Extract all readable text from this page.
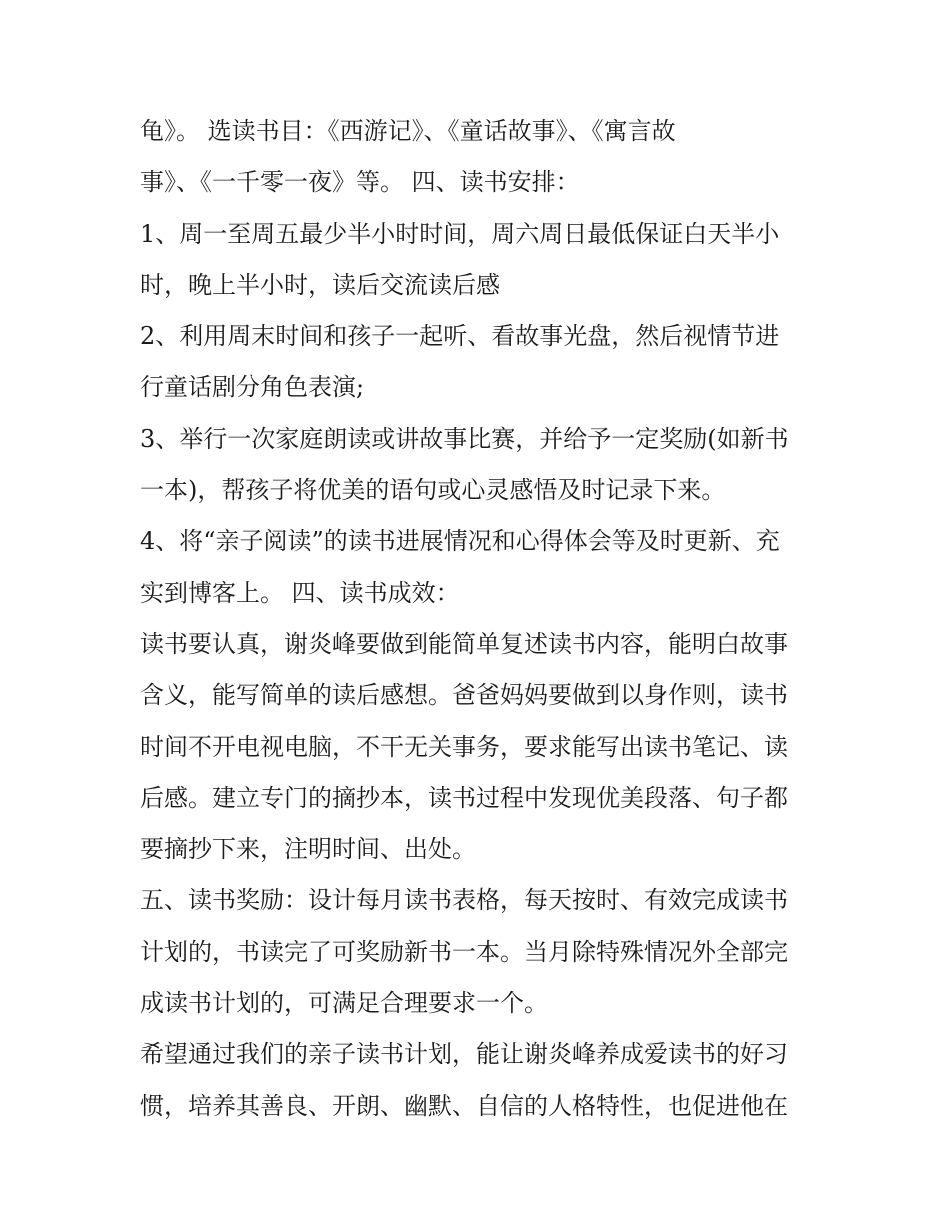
龟》。 选读书目：《西游记》、《童话故事》、《寓言故
事》、《一千零一夜》等。 四、读书安排：
1、周一至周五最少半小时时间，周六周日最低保证白天半小
时，晚上半小时，读后交流读后感
2、利用周末时间和孩子一起听、看故事光盘，然后视情节进
行童话剧分角色表演;
3、举行一次家庭朗读或讲故事比赛，并给予一定奖励(如新书
一本)，帮孩子将优美的语句或心灵感悟及时记录下来。
4、将“亲子阅读”的读书进展情况和心得体会等及时更新、充
实到博客上。 四、读书成效：
读书要认真，谢炎峰要做到能简单复述读书内容，能明白故事
含义，能写简单的读后感想。爸爸妈妈要做到以身作则，读书
时间不开电视电脑，不干无关事务，要求能写出读书笔记、读
后感。建立专门的摘抄本，读书过程中发现优美段落、句子都
要摘抄下来，注明时间、出处。
五、读书奖励：设计每月读书表格，每天按时、有效完成读书
计划的，书读完了可奖励新书一本。当月除特殊情况外全部完
成读书计划的，可满足合理要求一个。
希望通过我们的亲子读书计划，能让谢炎峰养成爱读书的好习
惯，培养其善良、开朗、幽默、自信的人格特性，也促进他在
